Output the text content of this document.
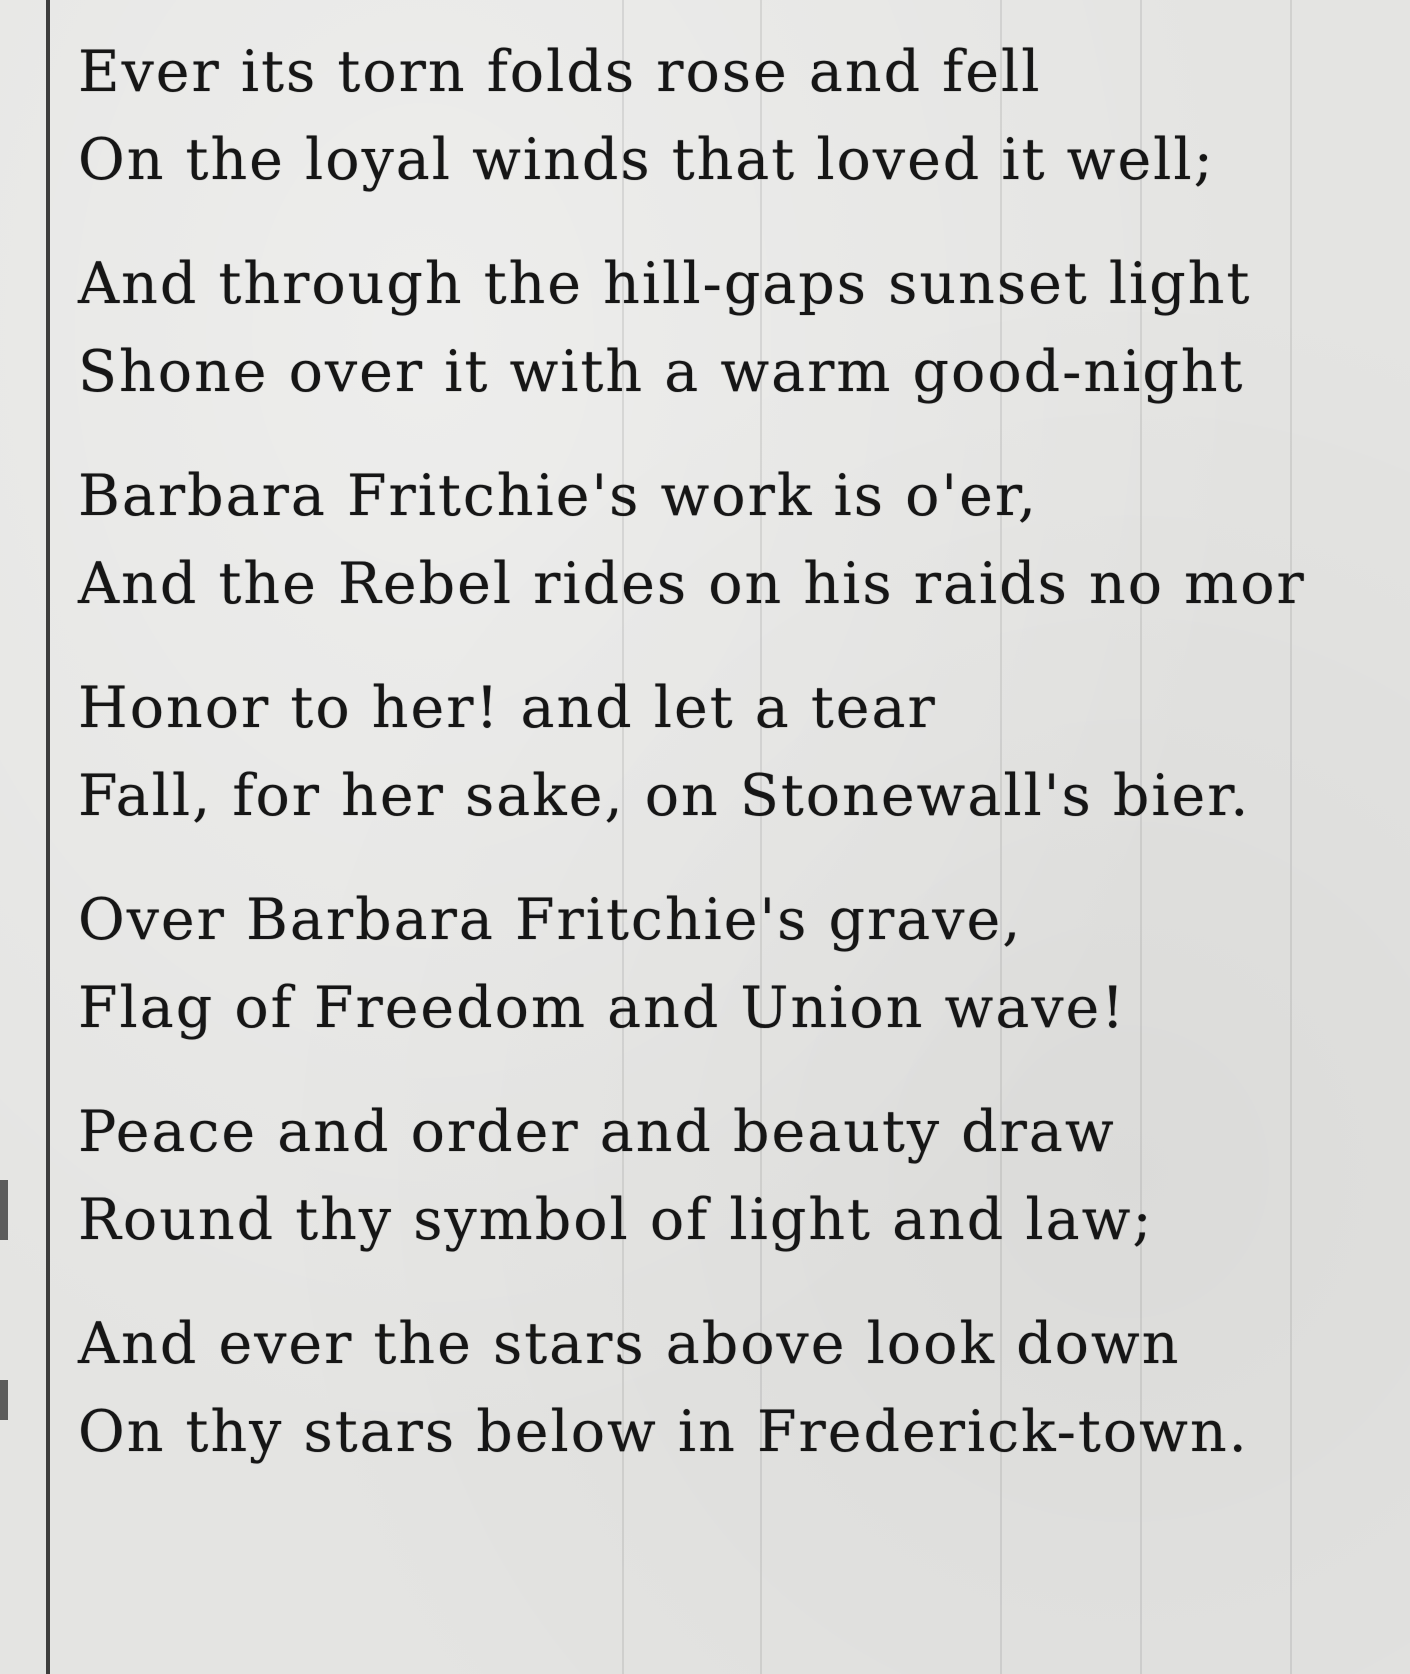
Ever its torn folds rose and fell
On the loyal winds that loved it well;
And through the hill-gaps sunset light
Shone over it with a warm good-night
Barbara Fritchie's work is o'er,
And the Rebel rides on his raids no mor
Honor to her! and let a tear
Fall, for her sake, on Stonewall's bier.
Over Barbara Fritchie's grave,
Flag of Freedom and Union wave!
Peace and order and beauty draw
Round thy symbol of light and law;
And ever the stars above look down
On thy stars below in Frederick-town.
